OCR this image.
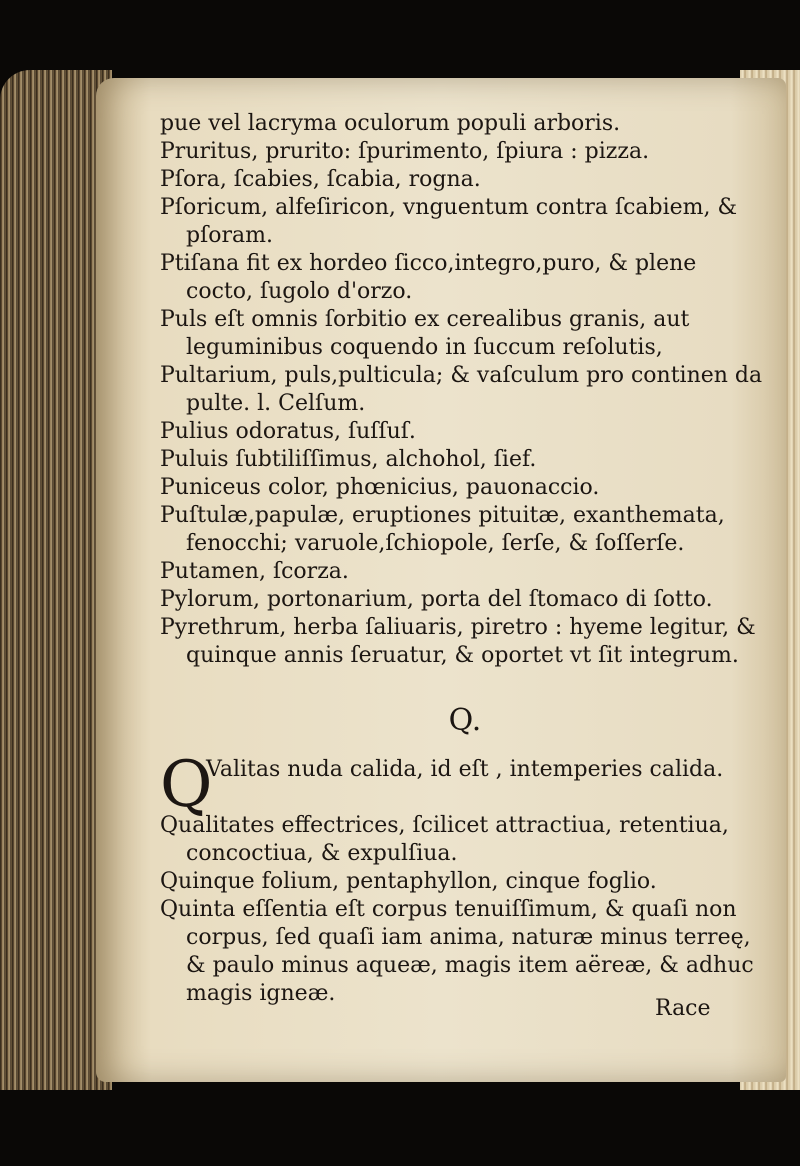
pue vel lacryma oculorum populi arboris.

Pruritus, prurito: ſpurimento, ſpiura : pizza.

Pſora, ſcabies, ſcabia, rogna.

Pſoricum, alfeſiricon, vnguentum contra ſcabiem, & pſoram.

Ptiſana fit ex hordeo ſicco,integro,puro, & plene coctο, ſugolo d'orzo.

Puls eſt omnis ſorbitio ex cerealibus granis, aut leguminibus coquendo in ſuccum reſolutis,

Pultarium, puls,pulticula; & vaſculum pro continen da pulte. l. Celſum.

Pulius odoratus, ſuſſuſ.

Puluis ſubtiliſſimus, alchohol, ſief.

Puniceus color, phœnicius, pauonaccio.

Puſtulæ,papulæ, eruptiones pituitæ, exanthemata, fenocchi; varuole,ſchiopole, ſerſe, & ſoſſerſe.

Putamen, ſcorza.

Pylorum, portonarium, porta del ſtomaco di ſotto.

Pyrethrum, herba ſaliuaris, piretro : hyeme legitur, & quinque annis ſeruatur, & oportet vt ſit integrum.

Q.
Q

Valitas nuda calida, id eſt , intemperies calida.

Qualitates effectrices, ſcilicet attractiua, retentiua, concoctiua, & expulſiua.

Quinque folium, pentaphyllon, cinque foglio.

Quinta eſſentia eſt corpus tenuiſſimum, & quaſi non corpus, ſed quaſi iam anima, naturæ minus terreę, & paulo minus aqueæ, magis item aëreæ, & adhuc magis igneæ.

Race
